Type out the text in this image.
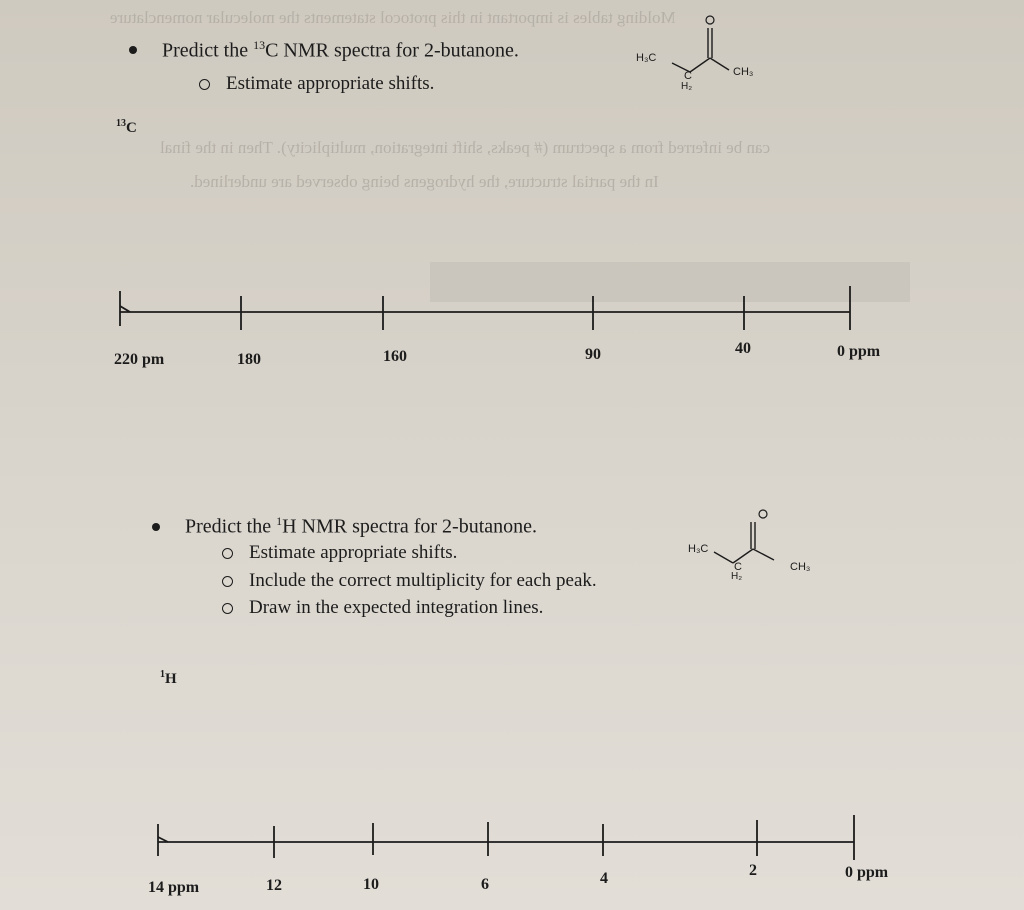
Molding tables is important in this protocol statements the molecular nomenclature
can be inferred from a spectrum (# peaks, shift integration, multiplicity). Then in the final
In the partial structure, the hydrogens being observed are underlined.
Predict the $^{13}$C NMR spectra for 2-butanone.
Estimate appropriate shifts.
$^{13}$C
H₃C
C
H₂
CH₃
220 pm	180	160	90	40	0 ppm
Predict the $^1$H NMR spectra for 2-butanone.
Estimate appropriate shifts.
Include the correct multiplicity for each peak.
Draw in the expected integration lines.
$^1$H
H₃C
C
H₂
CH₃
14 ppm	12	10	6	4	2	0 ppm
